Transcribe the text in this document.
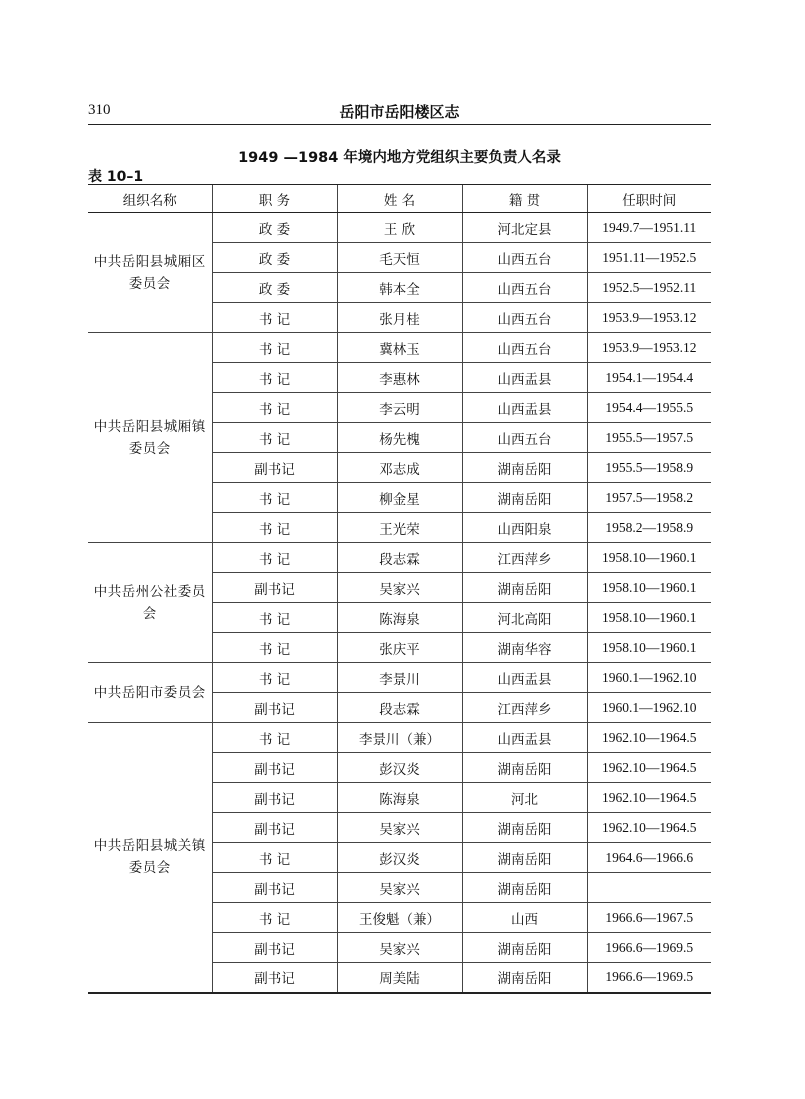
310	岳阳市岳阳楼区志
1949 —1984 年境内地方党组织主要负责人名录
表 10–1
组织名称	职 务	姓 名	籍 贯	任职时间
中共岳阳县城厢区委员会	政 委	王 欣	河北定县	1949.7—1951.11
	政 委	毛天恒	山西五台	1951.11—1952.5
	政 委	韩本全	山西五台	1952.5—1952.11
	书 记	张月桂	山西五台	1953.9—1953.12
中共岳阳县城厢镇委员会	书 记	冀林玉	山西五台	1953.9—1953.12
	书 记	李惠林	山西盂县	1954.1—1954.4
	书 记	李云明	山西盂县	1954.4—1955.5
	书 记	杨先槐	山西五台	1955.5—1957.5
	副书记	邓志成	湖南岳阳	1955.5—1958.9
	书 记	柳金星	湖南岳阳	1957.5—1958.2
	书 记	王光荣	山西阳泉	1958.2—1958.9
中共岳州公社委员会	书 记	段志霖	江西萍乡	1958.10—1960.1
	副书记	吴家兴	湖南岳阳	1958.10—1960.1
	书 记	陈海泉	河北高阳	1958.10—1960.1
	书 记	张庆平	湖南华容	1958.10—1960.1
中共岳阳市委员会	书 记	李景川	山西盂县	1960.1—1962.10
	副书记	段志霖	江西萍乡	1960.1—1962.10
中共岳阳县城关镇委员会	书 记	李景川（兼）	山西盂县	1962.10—1964.5
	副书记	彭汉炎	湖南岳阳	1962.10—1964.5
	副书记	陈海泉	河北	1962.10—1964.5
	副书记	吴家兴	湖南岳阳	1962.10—1964.5
	书 记	彭汉炎	湖南岳阳	1964.6—1966.6
	副书记	吴家兴	湖南岳阳	
	书 记	王俊魁（兼）	山西	1966.6—1967.5
	副书记	吴家兴	湖南岳阳	1966.6—1969.5
	副书记	周美陆	湖南岳阳	1966.6—1969.5
